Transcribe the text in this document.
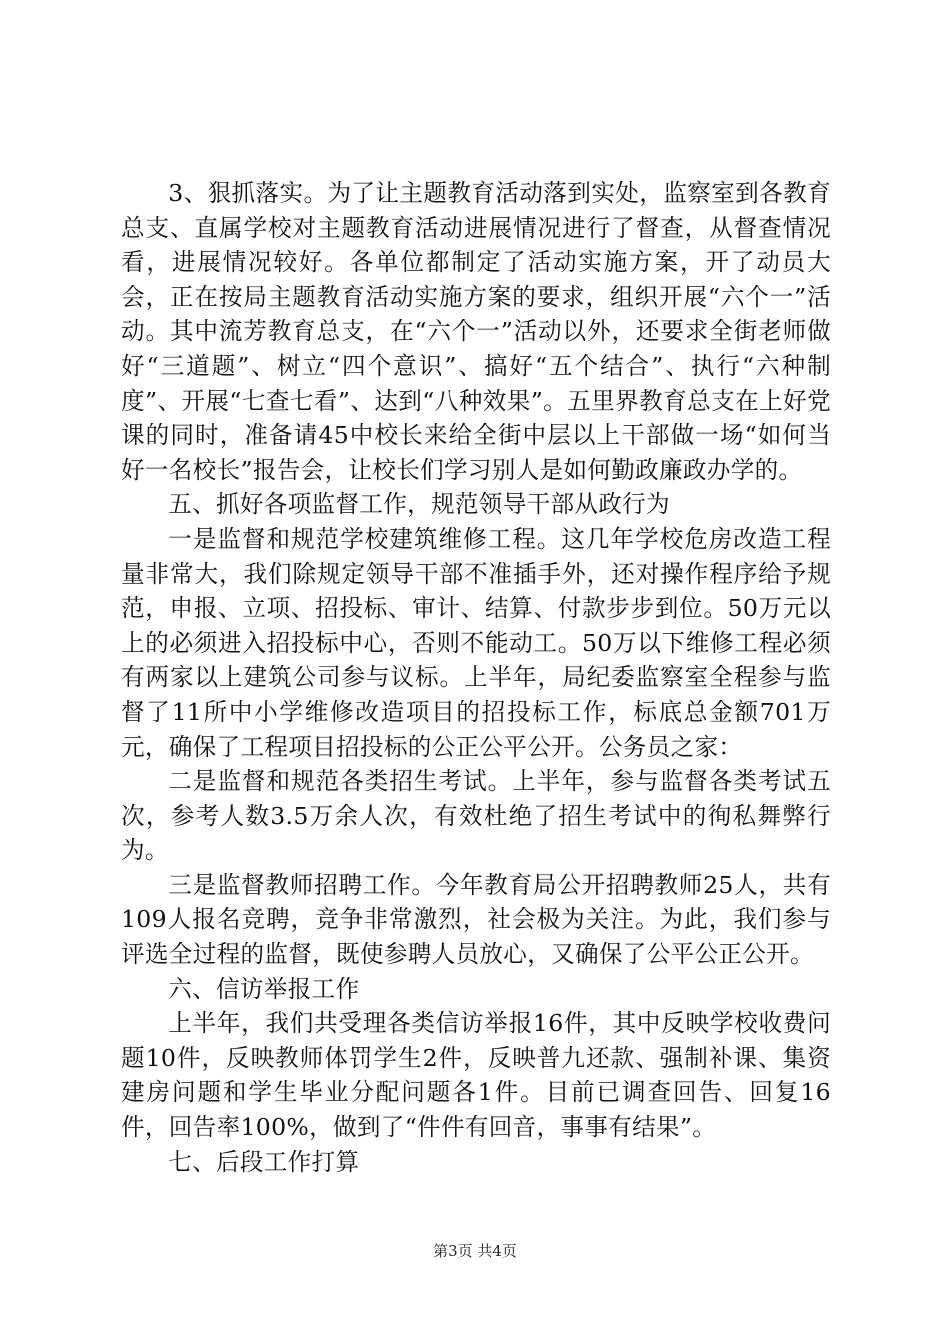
3、狠抓落实。为了让主题教育活动落到实处，监察室到各教育总支、直属学校对主题教育活动进展情况进行了督查，从督查情况看，进展情况较好。各单位都制定了活动实施方案，开了动员大会，正在按局主题教育活动实施方案的要求，组织开展“六个一”活动。其中流芳教育总支，在“六个一”活动以外，还要求全街老师做好“三道题”、树立“四个意识”、搞好“五个结合”、执行“六种制度”、开展“七查七看”、达到“八种效果”。五里界教育总支在上好党课的同时，准备请45中校长来给全街中层以上干部做一场“如何当好一名校长”报告会，让校长们学习别人是如何勤政廉政办学的。

五、抓好各项监督工作，规范领导干部从政行为

一是监督和规范学校建筑维修工程。这几年学校危房改造工程量非常大，我们除规定领导干部不准插手外，还对操作程序给予规范，申报、立项、招投标、审计、结算、付款步步到位。50万元以上的必须进入招投标中心，否则不能动工。50万以下维修工程必须有两家以上建筑公司参与议标。上半年，局纪委监察室全程参与监督了11所中小学维修改造项目的招投标工作，标底总金额701万元，确保了工程项目招投标的公正公平公开。公务员之家：

二是监督和规范各类招生考试。上半年，参与监督各类考试五次，参考人数3.5万余人次，有效杜绝了招生考试中的徇私舞弊行为。

三是监督教师招聘工作。今年教育局公开招聘教师25人，共有109人报名竞聘，竞争非常激烈，社会极为关注。为此，我们参与评选全过程的监督，既使参聘人员放心，又确保了公平公正公开。

六、信访举报工作

上半年，我们共受理各类信访举报16件，其中反映学校收费问题10件，反映教师体罚学生2件，反映普九还款、强制补课、集资建房问题和学生毕业分配问题各1件。目前已调查回告、回复16件，回告率100%，做到了“件件有回音，事事有结果”。

七、后段工作打算

第3页 共4页
